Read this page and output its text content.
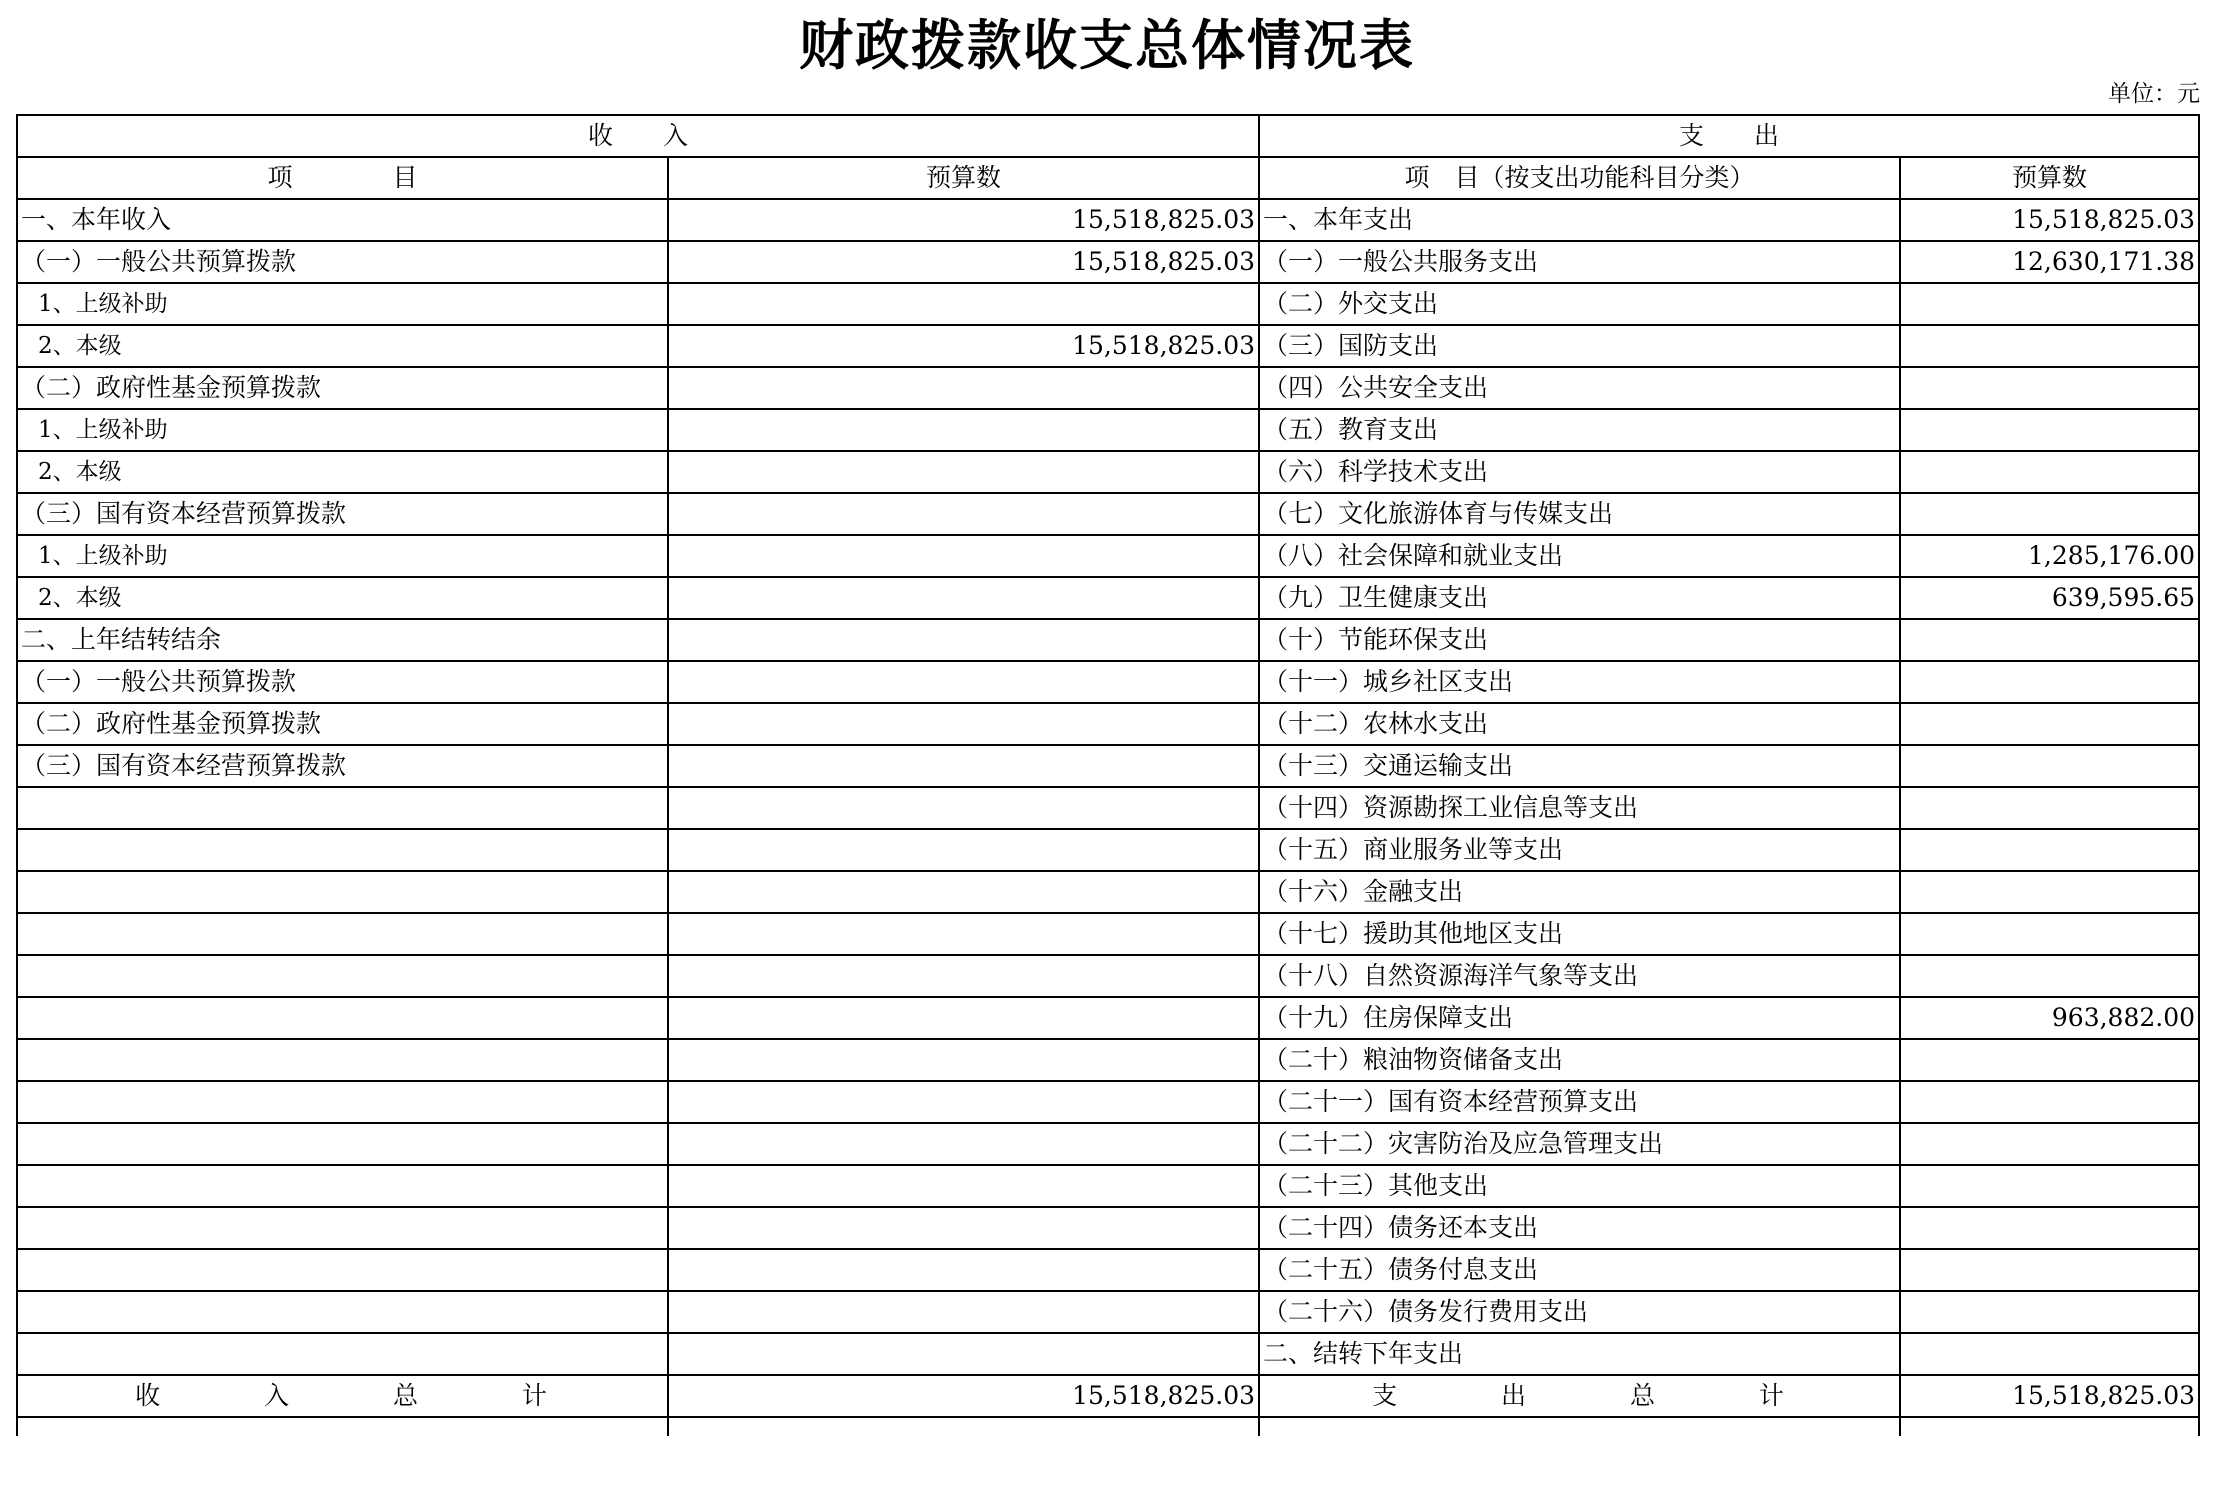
财政拨款收支总体情况表
单位：元
收　　入		支　　出	
项　　　　目	预算数	项　目（按支出功能科目分类）	预算数
一、本年收入	15,518,825.03	一、本年支出	15,518,825.03
（一）一般公共预算拨款	15,518,825.03	（一）一般公共服务支出	12,630,171.38
1、上级补助		（二）外交支出	
2、本级	15,518,825.03	（三）国防支出	
（二）政府性基金预算拨款		（四）公共安全支出	
1、上级补助		（五）教育支出	
2、本级		（六）科学技术支出	
（三）国有资本经营预算拨款		（七）文化旅游体育与传媒支出	
1、上级补助		（八）社会保障和就业支出	1,285,176.00
2、本级		（九）卫生健康支出	639,595.65
二、上年结转结余		（十）节能环保支出	
（一）一般公共预算拨款		（十一）城乡社区支出	
（二）政府性基金预算拨款		（十二）农林水支出	
（三）国有资本经营预算拨款		（十三）交通运输支出	
		（十四）资源勘探工业信息等支出	
		（十五）商业服务业等支出	
		（十六）金融支出	
		（十七）援助其他地区支出	
		（十八）自然资源海洋气象等支出	
		（十九）住房保障支出	963,882.00
		（二十）粮油物资储备支出	
		（二十一）国有资本经营预算支出	
		（二十二）灾害防治及应急管理支出	
		（二十三）其他支出	
		（二十四）债务还本支出	
		（二十五）债务付息支出	
		（二十六）债务发行费用支出	
		二、结转下年支出	
收 入 总 计	15,518,825.03	支 出 总 计	15,518,825.03
